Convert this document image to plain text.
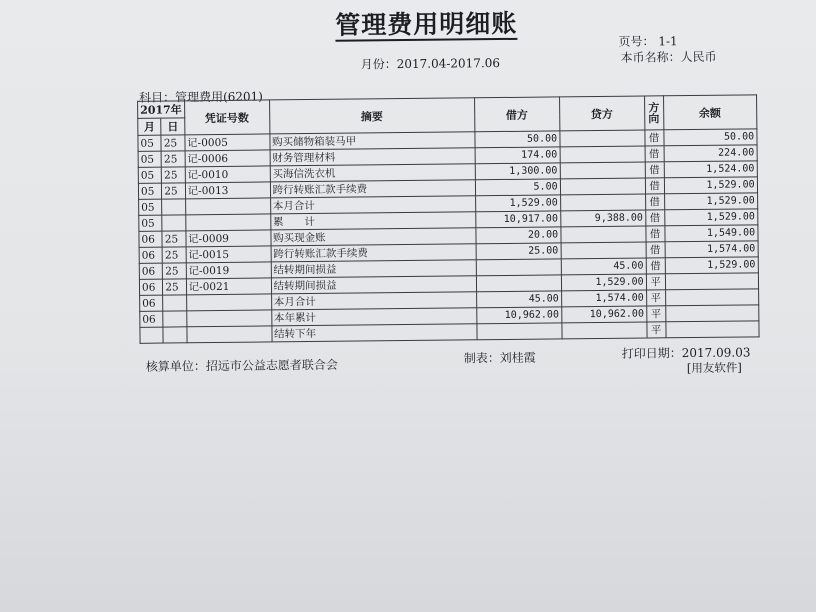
管理费用明细账
页号： 1-1
月份：2017.04-2017.06	本币名称：人民币
科目：管理费用(6201)
2017年		凭证号数	摘要	借方	贷方	方向	余额
月	日						
05	25	记-0005	购买储物箱装马甲	50.00		借	50.00
05	25	记-0006	财务管理材料	174.00		借	224.00
05	25	记-0010	买海信洗衣机	1,300.00		借	1,524.00
05	25	记-0013	跨行转账汇款手续费	5.00		借	1,529.00
05			本月合计	1,529.00		借	1,529.00
05			累　　计	10,917.00	9,388.00	借	1,529.00
06	25	记-0009	购买现金账	20.00		借	1,549.00
06	25	记-0015	跨行转账汇款手续费	25.00		借	1,574.00
06	25	记-0019	结转期间损益		45.00	借	1,529.00
06	25	记-0021	结转期间损益		1,529.00	平	
06			本月合计	45.00	1,574.00	平	
06			本年累计	10,962.00	10,962.00	平	
			结转下年			平	
核算单位：招远市公益志愿者联合会	制表：刘桂霞	打印日期：2017.09.03
[用友软件]
